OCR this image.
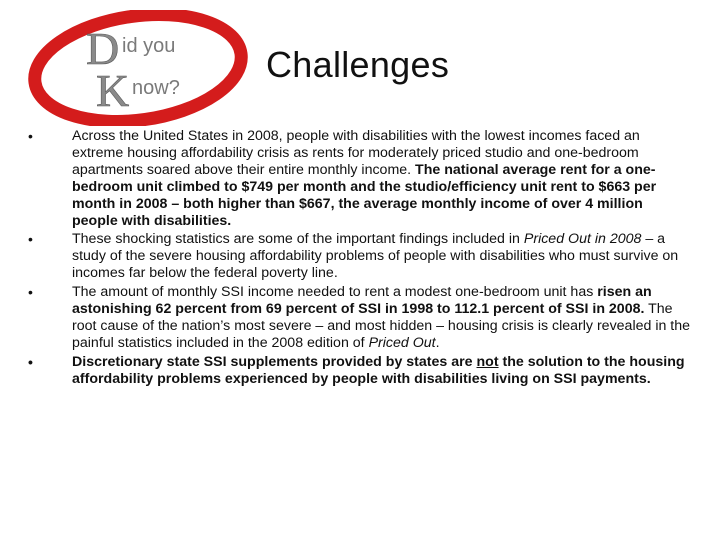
D id you
K now?
Challenges
•	Across the United States in 2008, people with disabilities with the lowest incomes faced an extreme housing affordability crisis as rents for moderately priced studio and one-bedroom apartments soared above their entire monthly income. The national average rent for a one-bedroom unit climbed to $749 per month and the studio/efficiency unit rent to $663 per month in 2008 – both higher than $667, the average monthly income of over 4 million people with disabilities.
•	These shocking statistics are some of the important findings included in Priced Out in 2008 – a study of the severe housing affordability problems of people with disabilities who must survive on incomes far below the federal poverty line.
•	The amount of monthly SSI income needed to rent a modest one-bedroom unit has risen an astonishing 62 percent from 69 percent of SSI in 1998 to 112.1 percent of SSI in 2008. The root cause of the nation’s most severe – and most hidden – housing crisis is clearly revealed in the painful statistics included in the 2008 edition of Priced Out.
•	Discretionary state SSI supplements provided by states are not the solution to the housing affordability problems experienced by people with disabilities living on SSI payments.
